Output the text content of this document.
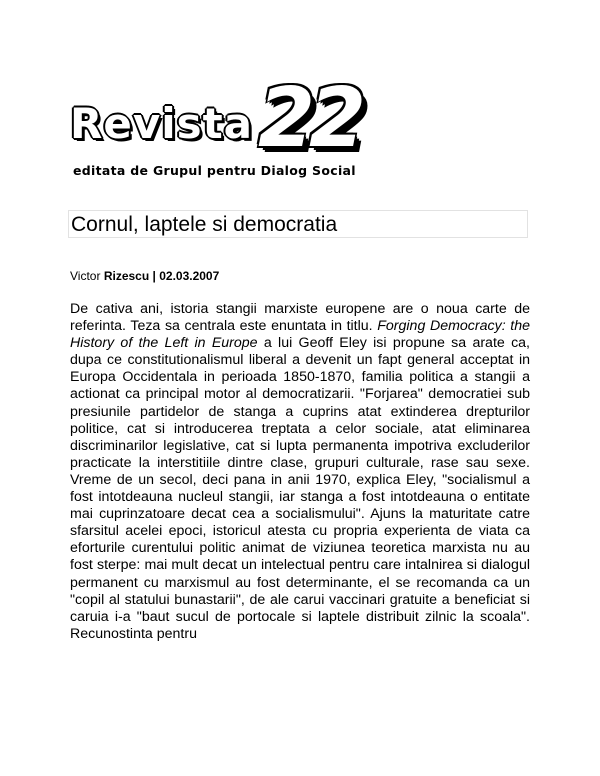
Revista 22
editata de Grupul pentru Dialog Social
Cornul, laptele si democratia
Victor Rizescu | 02.03.2007

De cativa ani, istoria stangii marxiste europene are o noua carte de referinta. Teza sa centrala este enuntata in titlu. Forging Democracy: the History of the Left in Europe a lui Geoff Eley isi propune sa arate ca, dupa ce constitutionalismul liberal a devenit un fapt general acceptat in Europa Occidentala in perioada 1850-1870, familia politica a stangii a actionat ca principal motor al democratizarii. "Forjarea" democratiei sub presiunile partidelor de stanga a cuprins atat extinderea drepturilor politice, cat si introducerea treptata a celor sociale, atat eliminarea discriminarilor legislative, cat si lupta permanenta impotriva excluderilor practicate la interstitiile dintre clase, grupuri culturale, rase sau sexe. Vreme de un secol, deci pana in anii 1970, explica Eley, "socialismul a fost intotdeauna nucleul stangii, iar stanga a fost intotdeauna o entitate mai cuprinzatoare decat cea a socialismului". Ajuns la maturitate catre sfarsitul acelei epoci, istoricul atesta cu propria experienta de viata ca eforturile curentului politic animat de viziunea teoretica marxista nu au fost sterpe: mai mult decat un intelectual pentru care intalnirea si dialogul permanent cu marxismul au fost determinante, el se recomanda ca un "copil al statului bunastarii", de ale carui vaccinari gratuite a beneficiat si caruia i-a "baut sucul de portocale si laptele distribuit zilnic la scoala". Recunostinta pentru
